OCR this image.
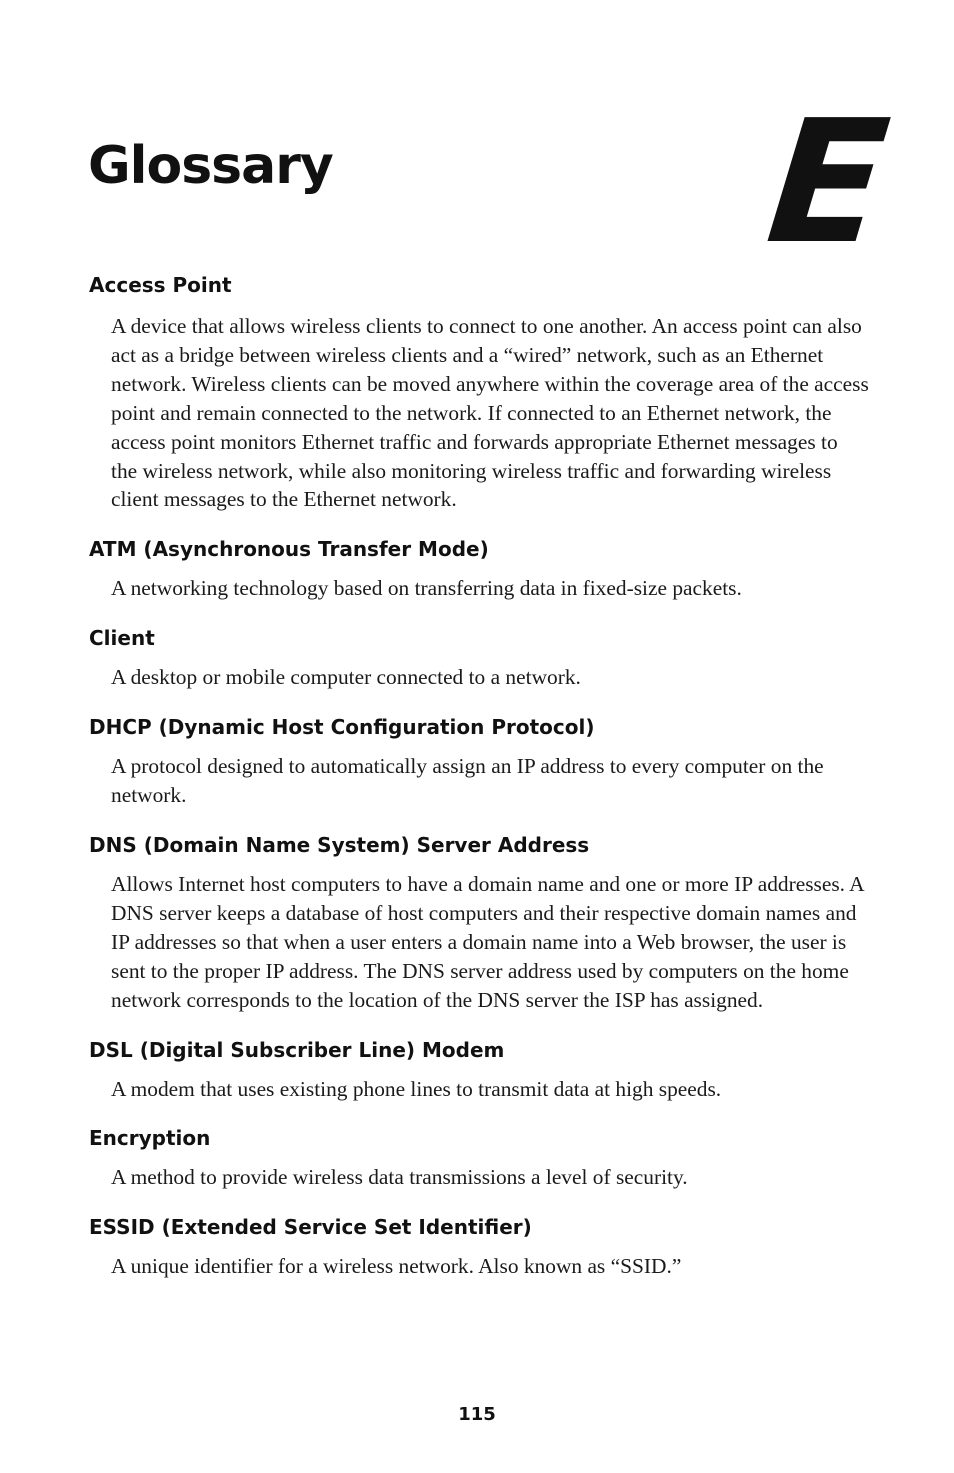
Glossary	E
Access Point

A device that allows wireless clients to connect to one another. An access point can also act as a bridge between wireless clients and a “wired” network, such as an Ethernet network. Wireless clients can be moved anywhere within the coverage area of the access point and remain connected to the network. If connected to an Ethernet network, the access point monitors Ethernet traffic and forwards appropriate Ethernet messages to the wireless network, while also monitoring wireless traffic and forwarding wireless client messages to the Ethernet network.

ATM (Asynchronous Transfer Mode)

A networking technology based on transferring data in fixed-size packets.

Client

A desktop or mobile computer connected to a network.

DHCP (Dynamic Host Configuration Protocol)

A protocol designed to automatically assign an IP address to every computer on the network.

DNS (Domain Name System) Server Address

Allows Internet host computers to have a domain name and one or more IP addresses. A DNS server keeps a database of host computers and their respective domain names and IP addresses so that when a user enters a domain name into a Web browser, the user is sent to the proper IP address. The DNS server address used by computers on the home network corresponds to the location of the DNS server the ISP has assigned.

DSL (Digital Subscriber Line) Modem

A modem that uses existing phone lines to transmit data at high speeds.

Encryption

A method to provide wireless data transmissions a level of security.

ESSID (Extended Service Set Identifier)

A unique identifier for a wireless network. Also known as “SSID.”

115
